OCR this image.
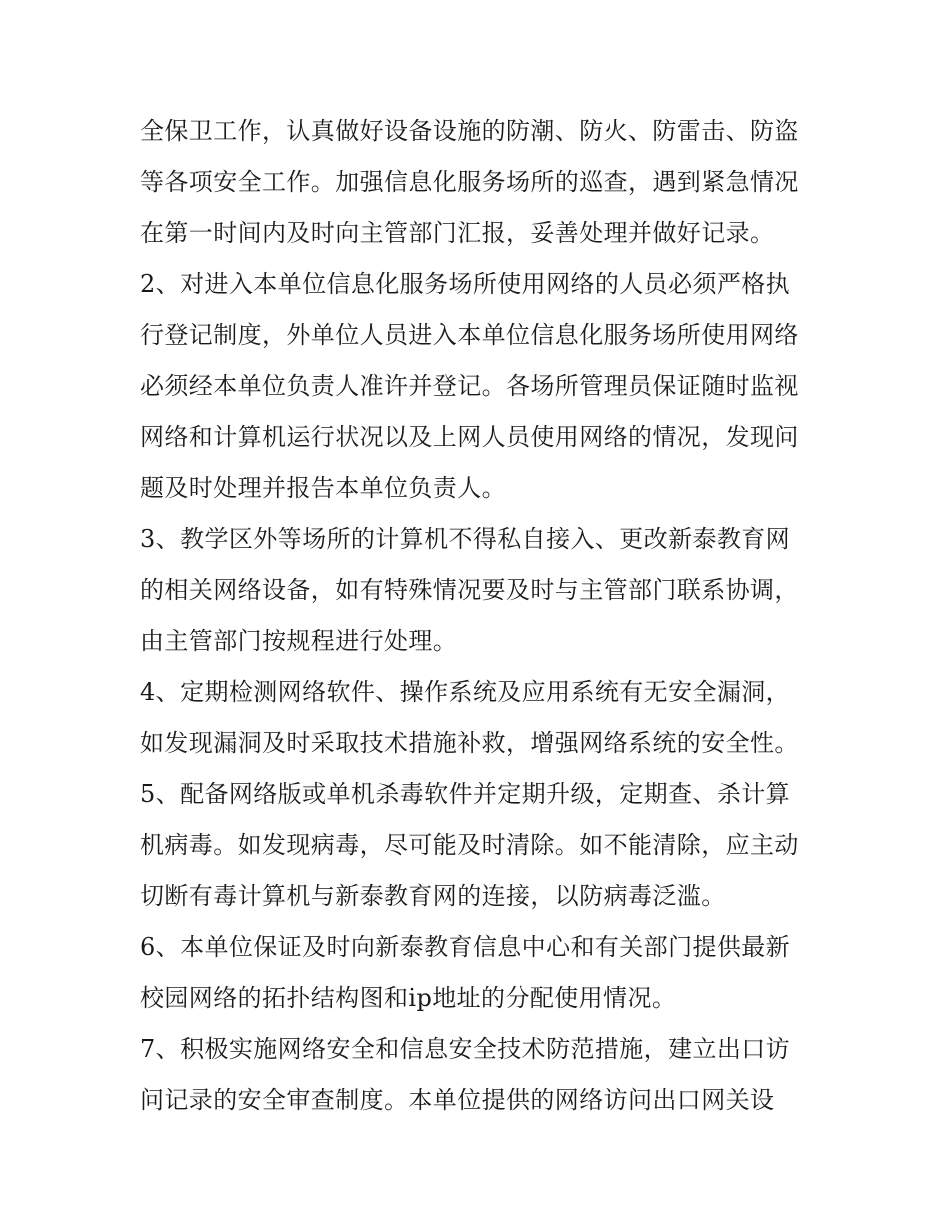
全保卫工作，认真做好设备设施的防潮、防火、防雷击、防盗
等各项安全工作。加强信息化服务场所的巡查，遇到紧急情况
在第一时间内及时向主管部门汇报，妥善处理并做好记录。
2、对进入本单位信息化服务场所使用网络的人员必须严格执
行登记制度，外单位人员进入本单位信息化服务场所使用网络
必须经本单位负责人准许并登记。各场所管理员保证随时监视
网络和计算机运行状况以及上网人员使用网络的情况，发现问
题及时处理并报告本单位负责人。
3、教学区外等场所的计算机不得私自接入、更改新泰教育网
的相关网络设备，如有特殊情况要及时与主管部门联系协调，
由主管部门按规程进行处理。
4、定期检测网络软件、操作系统及应用系统有无安全漏洞，
如发现漏洞及时采取技术措施补救，增强网络系统的安全性。
5、配备网络版或单机杀毒软件并定期升级，定期查、杀计算
机病毒。如发现病毒，尽可能及时清除。如不能清除，应主动
切断有毒计算机与新泰教育网的连接，以防病毒泛滥。
6、本单位保证及时向新泰教育信息中心和有关部门提供最新
校园网络的拓扑结构图和ip地址的分配使用情况。
7、积极实施网络安全和信息安全技术防范措施，建立出口访
问记录的安全审查制度。本单位提供的网络访问出口网关设
